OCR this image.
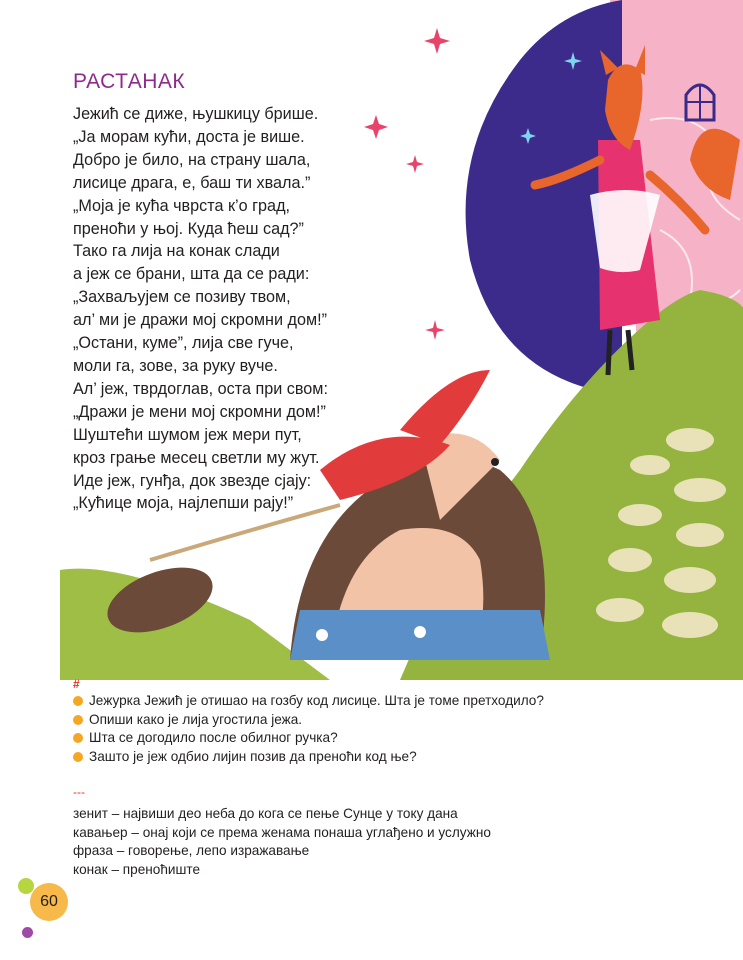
РАСТАНАК
Јежић се диже, њушкицу брише.
„Ја морам кући, доста је више.
Добро је било, на страну шала,
лисице драга, е, баш ти хвала.”
„Моја је кућа чврста к’о град,
преноћи у њој. Куда ћеш сад?”
Тако га лија на конак слади
а јеж се брани, шта да се ради:
„Захваљујем се позиву твом,
ал’ ми је дражи мој скромни дом!”
„Остани, куме”, лија све гуче,
моли га, зове, за руку вуче.
Ал’ јеж, тврдоглав, оста при свом:
„Дражи је мени мој скромни дом!”
Шуштећи шумом јеж мери пут,
кроз грање месец светли му жут.
Иде јеж, гунђа, док звезде сјају:
„Кућице моја, најлепши рају!”
#
Јежурка Јежић је отишао на гозбу код лисице. Шта је томе претходило?
Опиши како је лија угостила јежа.
Шта се догодило после обилног ручка?
Зашто је јеж одбио лијин позив да преноћи код ње?
---
зенит – највиши део неба до кога се пење Сунце у току дана
кавањер – онај који се према женама понаша углађено и услужно
фраза – говорење, лепо изражавање
конак – преноћиште
60
